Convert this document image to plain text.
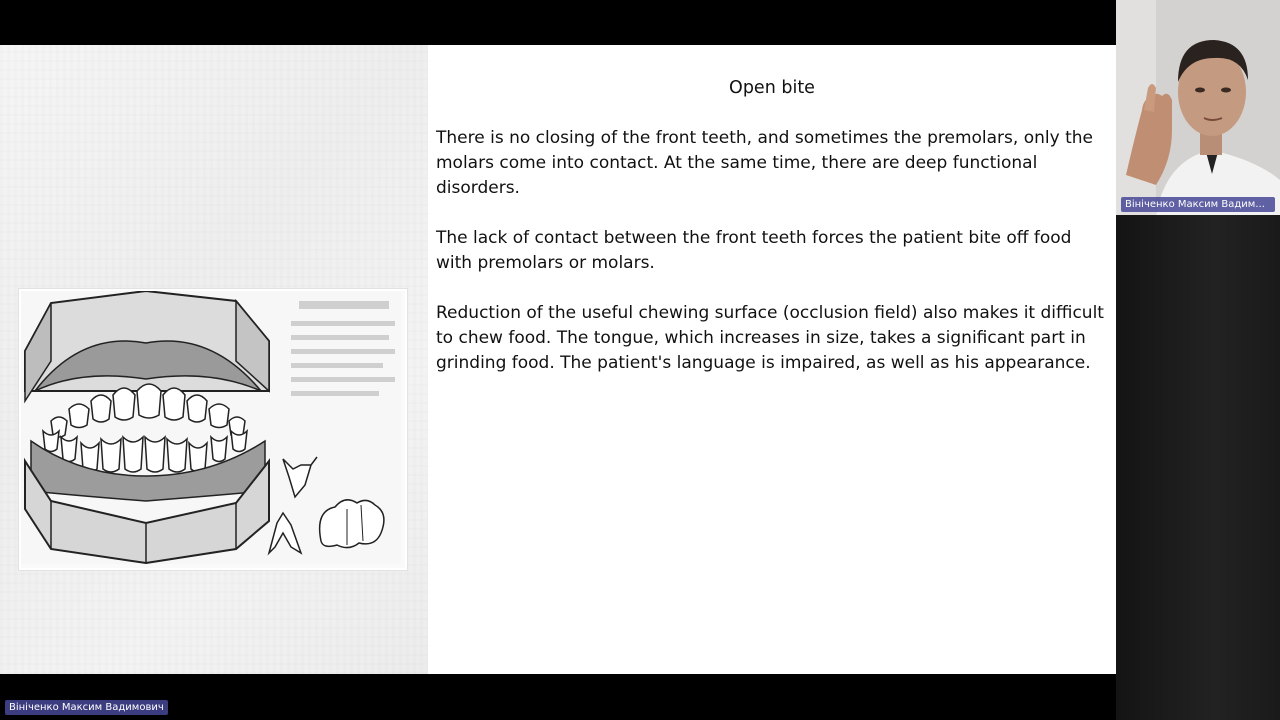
Open bite

There is no closing of the front teeth, and sometimes the premolars, only the molars come into contact. At the same time, there are deep functional disorders.

The lack of contact between the front teeth forces the patient bite off food with premolars or molars.

Reduction of the useful chewing surface (occlusion field) also makes it difficult to chew food. The tongue, which increases in size, takes a significant part in grinding food. The patient's language is impaired, as well as his appearance.

Вініченко Максим Вадим...
Вініченко Максим Вадимович
